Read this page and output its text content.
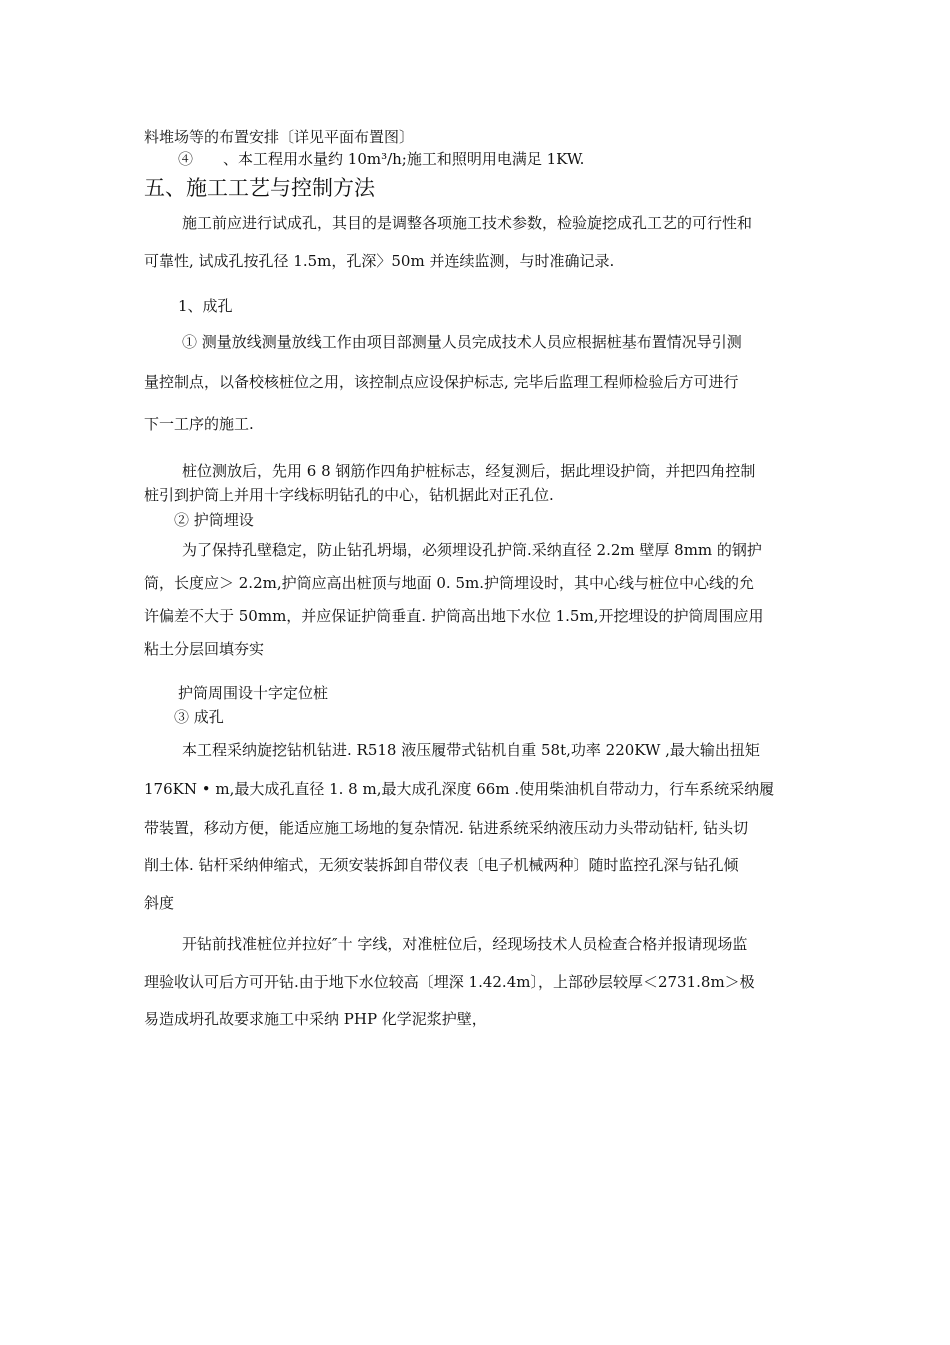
料堆场等的布置安排〔详见平面布置图〕
④　　、本工程用水量约 10m³/h;施工和照明用电满足 1KW.
五、施工工艺与控制方法
施工前应进行试成孔，其目的是调整各项施工技术参数，检验旋挖成孔工艺的可行性和
可靠性, 试成孔按孔径 1.5m，孔深〉50m 并连续监测，与时准确记录.
1、成孔
① 测量放线测量放线工作由项目部测量人员完成技术人员应根据桩基布置情况导引测
量控制点，以备校核桩位之用，该控制点应设保护标志, 完毕后监理工程师检验后方可进行
下一工序的施工.
桩位测放后，先用 6 8 钢筋作四角护桩标志，经复测后，据此埋设护筒，并把四角控制
桩引到护筒上并用十字线标明钻孔的中心，钻机据此对正孔位.
② 护筒埋设
为了保持孔壁稳定，防止钻孔坍塌，必须埋设孔护筒.采纳直径 2.2m 壁厚 8mm 的钢护
筒，长度应＞ 2.2m,护筒应高出桩顶与地面 0. 5m.护筒埋设时，其中心线与桩位中心线的允
许偏差不大于 50mm，并应保证护筒垂直. 护筒高出地下水位 1.5m,开挖埋设的护筒周围应用
粘土分层回填夯实
护筒周围设十字定位桩
③ 成孔
本工程采纳旋挖钻机钻进. R518 液压履带式钻机自重 58t,功率 220KW ,最大输出扭矩
176KN • m,最大成孔直径 1. 8 m,最大成孔深度 66m .使用柴油机自带动力，行车系统采纳履
带装置，移动方便，能适应施工场地的复杂情况. 钻进系统采纳液压动力头带动钻杆, 钻头切
削土体. 钻杆采纳伸缩式，无须安装拆卸自带仪表〔电子机械两种〕随时监控孔深与钻孔倾
斜度
开钻前找准桩位并拉好″十 字线，对准桩位后，经现场技术人员检查合格并报请现场监
理验收认可后方可开钻.由于地下水位较高〔埋深 1.42.4m〕，上部砂层较厚＜2731.8m＞极
易造成坍孔故要求施工中采纳 PHP 化学泥浆护壁，
